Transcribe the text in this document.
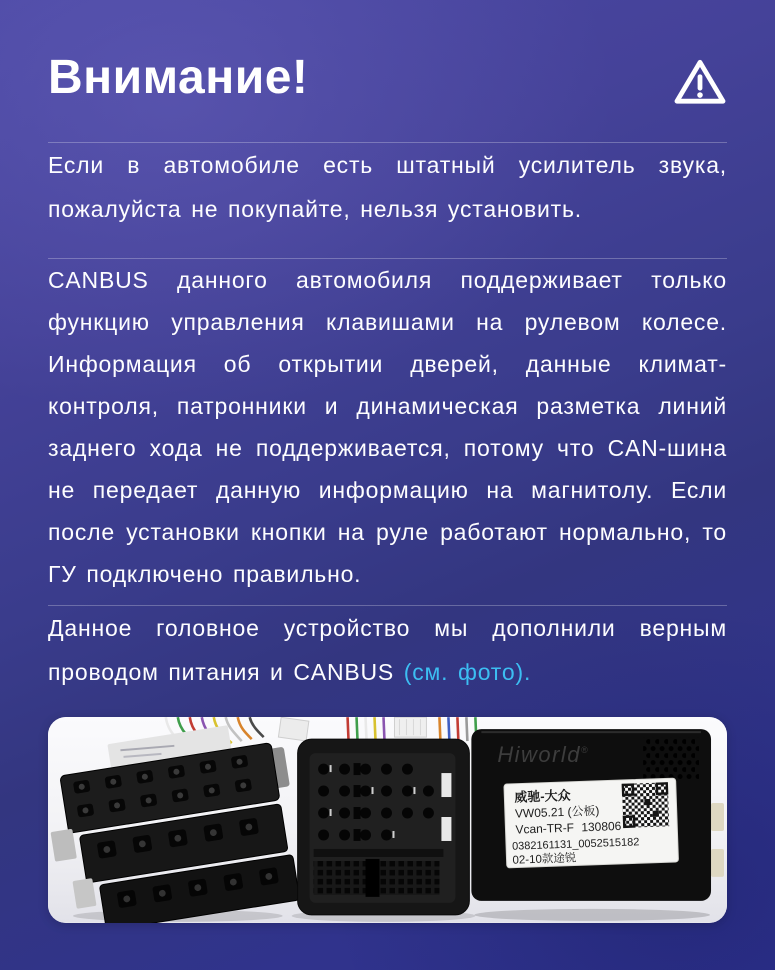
Внимание!

Если в автомобиле есть штатный усилитель звука, пожалуйста не покупайте, нельзя установить.

CANBUS данного автомобиля поддерживает только функцию управления клавишами на рулевом колесе. Информация об открытии дверей, данные климат-контроля, патронники и динамическая разметка линий заднего хода не поддерживается, потому что CAN-шина не передает данную информацию на магнитолу. Если после установки кнопки на руле работают нормально, то ГУ подключено правильно.

Данное головное устройство мы дополнили верным проводом питания и CANBUS (см. фото).

Hiworld®
威驰-大众
VW05.21 (公板)
Vcan-TR-F 130806
0382161131_0052515182
02-10款途锐
